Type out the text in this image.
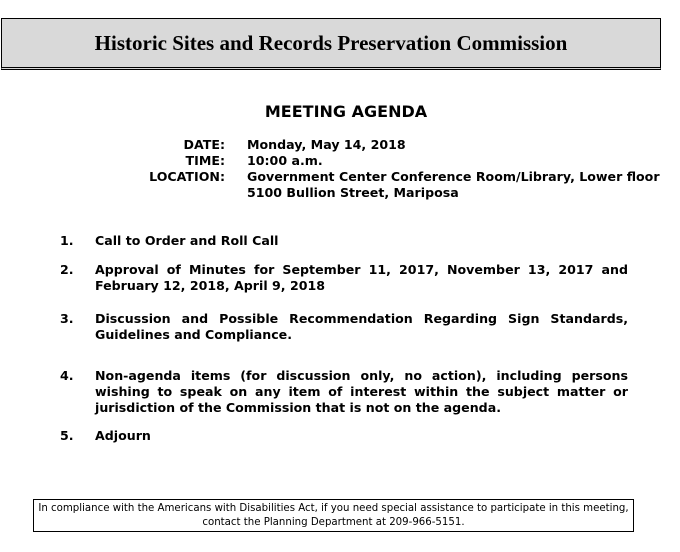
Historic Sites and Records Preservation Commission
MEETING AGENDA
DATE:	Monday, May 14, 2018
TIME:	10:00 a.m.
LOCATION:	Government Center Conference Room/Library, Lower floor
5100 Bullion Street, Mariposa
1.	Call to Order and Roll Call
2.	Approval of Minutes for September 11, 2017, November 13, 2017 and February 12, 2018, April 9, 2018
3.	Discussion and Possible Recommendation Regarding Sign Standards, Guidelines and Compliance.
4.	Non-agenda items (for discussion only, no action), including persons wishing to speak on any item of interest within the subject matter or jurisdiction of the Commission that is not on the agenda.
5.	Adjourn
In compliance with the Americans with Disabilities Act, if you need special assistance to participate in this meeting,
contact the Planning Department at 209-966-5151.
